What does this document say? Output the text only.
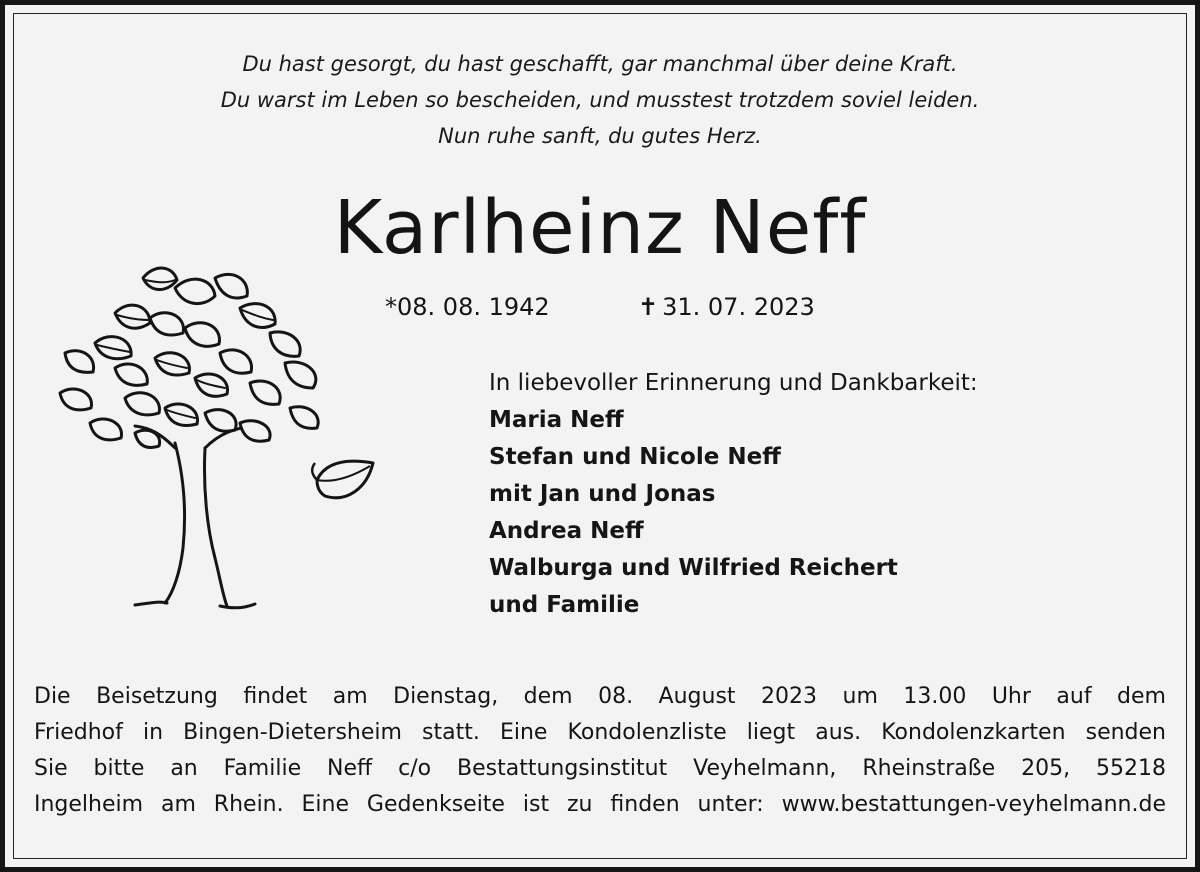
Du hast gesorgt, du hast geschafft, gar manchmal über deine Kraft.
Du warst im Leben so bescheiden, und musstest trotzdem soviel leiden.
Nun ruhe sanft, du gutes Herz.
Karlheinz Neff
*08. 08. 1942	✝ 31. 07. 2023
In liebevoller Erinnerung und Dankbarkeit:
Maria Neff
Stefan und Nicole Neff
mit Jan und Jonas
Andrea Neff
Walburga und Wilfried Reichert
und Familie
Die Beisetzung findet am Dienstag, dem 08. August 2023 um 13.00 Uhr auf dem
Friedhof in Bingen-Dietersheim statt. Eine Kondolenzliste liegt aus. Kondolenzkarten senden
Sie bitte an Familie Neff c/o Bestattungsinstitut Veyhelmann, Rheinstraße 205, 55218
Ingelheim am Rhein. Eine Gedenkseite ist zu finden unter: www.bestattungen-veyhelmann.de
